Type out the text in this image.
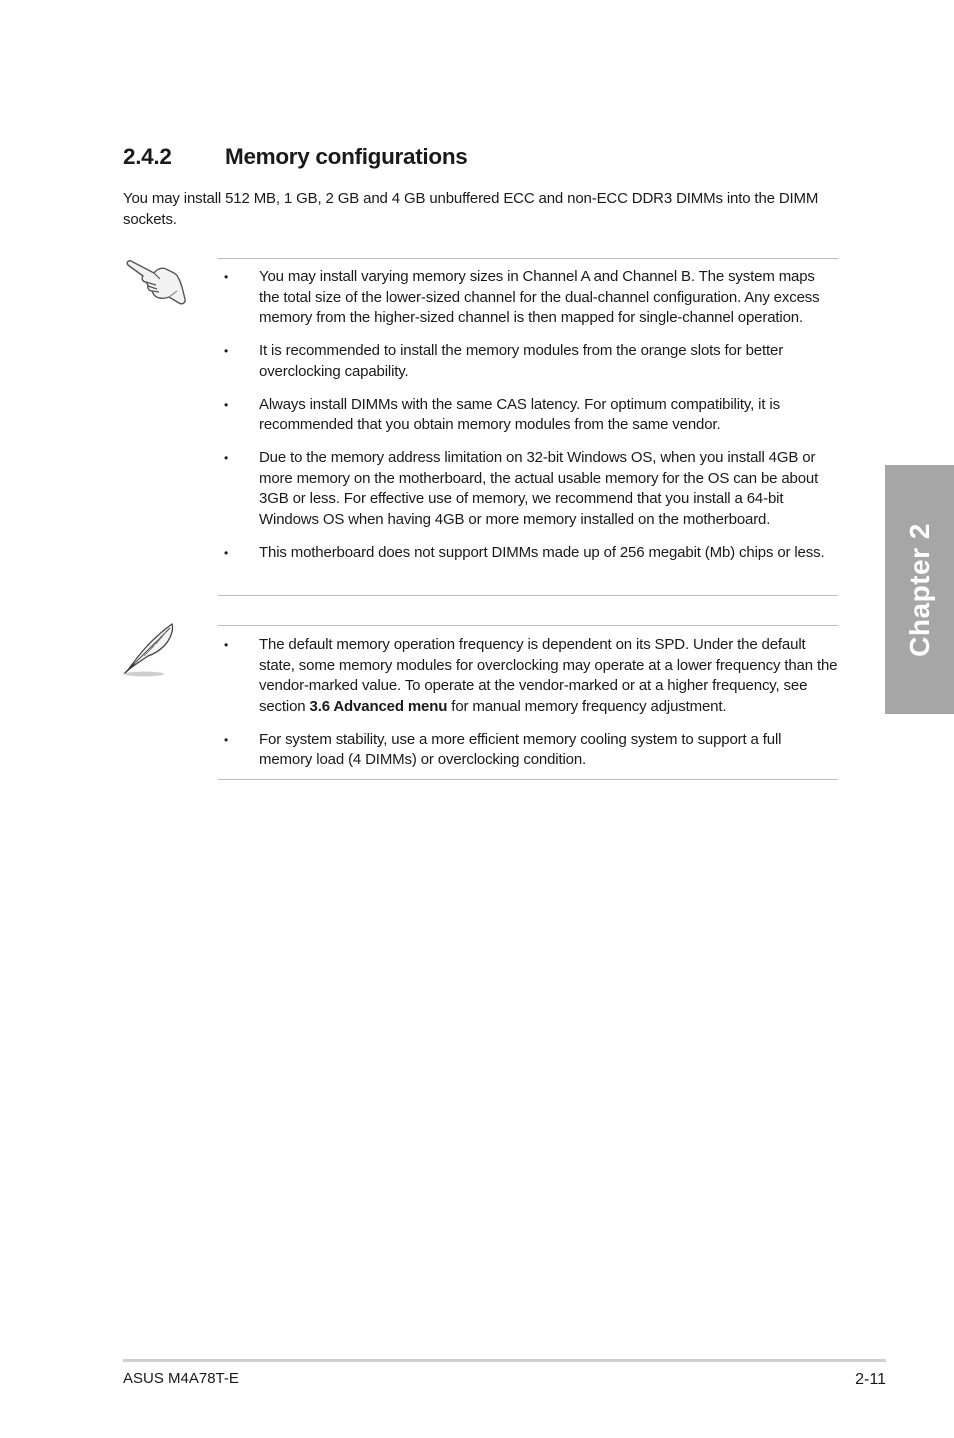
2.4.2 Memory configurations

You may install 512 MB, 1 GB, 2 GB and 4 GB unbuffered ECC and non-ECC DDR3 DIMMs into the DIMM sockets.

• You may install varying memory sizes in Channel A and Channel B. The system maps the total size of the lower-sized channel for the dual-channel configuration. Any excess memory from the higher-sized channel is then mapped for single-channel operation.
• It is recommended to install the memory modules from the orange slots for better overclocking capability.
• Always install DIMMs with the same CAS latency. For optimum compatibility, it is recommended that you obtain memory modules from the same vendor.
• Due to the memory address limitation on 32-bit Windows OS, when you install 4GB or more memory on the motherboard, the actual usable memory for the OS can be about 3GB or less. For effective use of memory, we recommend that you install a 64-bit Windows OS when having 4GB or more memory installed on the motherboard.
• This motherboard does not support DIMMs made up of 256 megabit (Mb) chips or less.
• The default memory operation frequency is dependent on its SPD. Under the default state, some memory modules for overclocking may operate at a lower frequency than the vendor-marked value. To operate at the vendor-marked or at a higher frequency, see section 3.6 Advanced menu for manual memory frequency adjustment.
• For system stability, use a more efficient memory cooling system to support a full memory load (4 DIMMs) or overclocking condition.
Chapter 2
ASUS M4A78T-E	2-11
